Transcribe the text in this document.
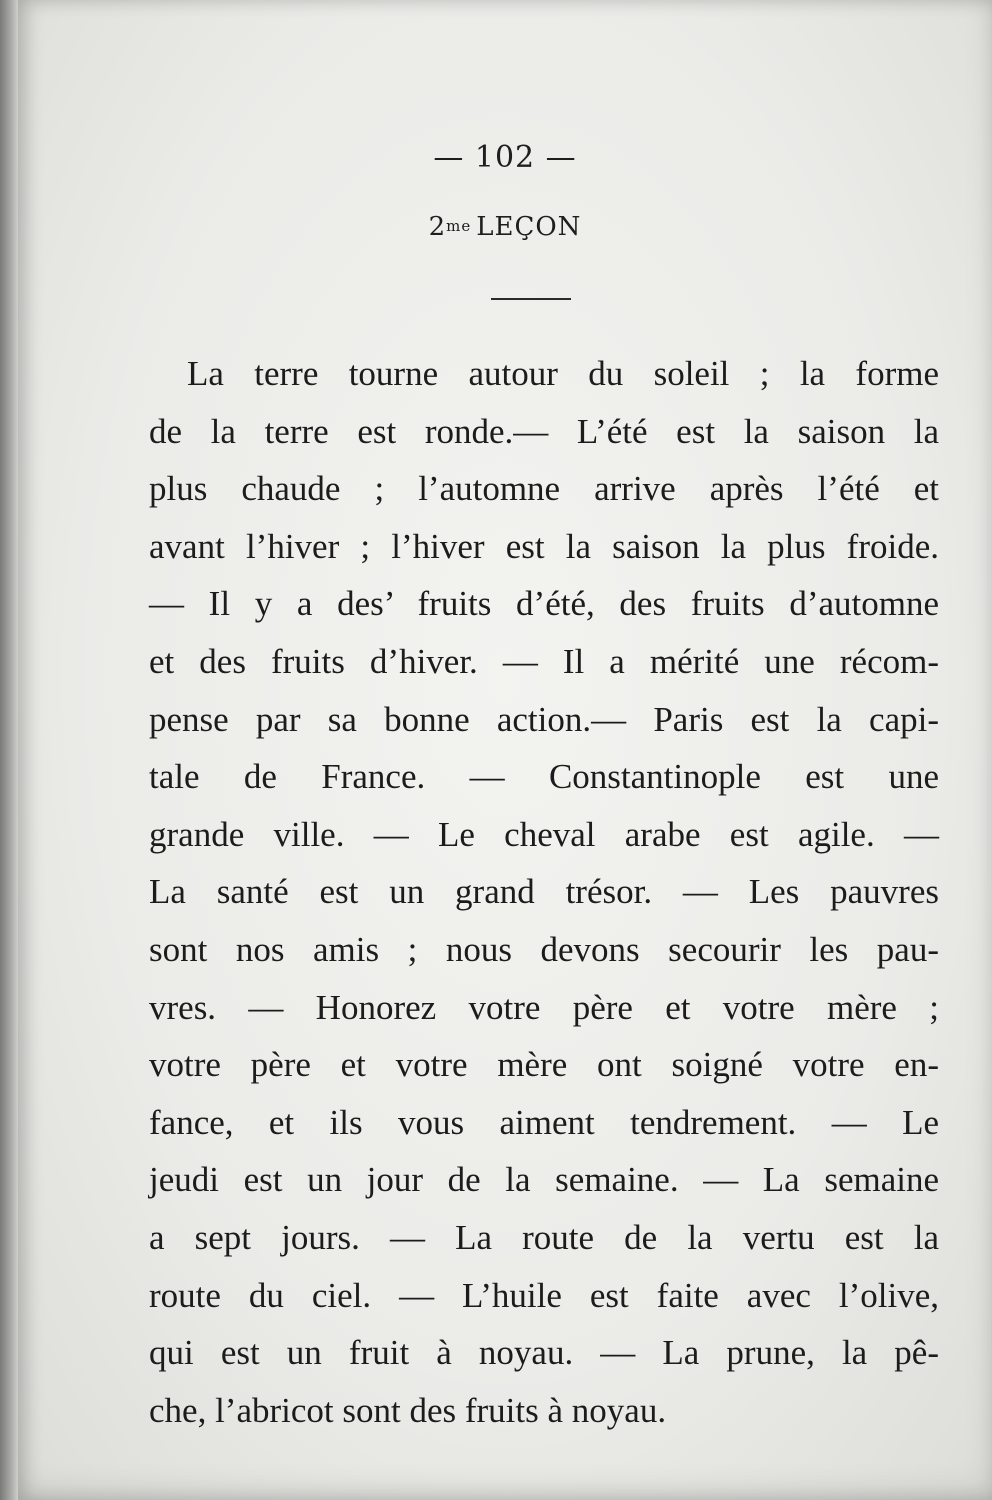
— 102 —
$2^{me}$ LEÇON
La terre tourne autour du soleil ; la forme
de la terre est ronde.— L’été est la saison la
plus chaude ; l’automne arrive après l’été et
avant l’hiver ; l’hiver est la saison la plus froide.
— Il y a des’ fruits d’été, des fruits d’automne
et des fruits d’hiver. — Il a mérité une récom-
pense par sa bonne action.— Paris est la capi-
tale de France. — Constantinople est une
grande ville. — Le cheval arabe est agile. —
La santé est un grand trésor. — Les pauvres
sont nos amis ; nous devons secourir les pau-
vres. — Honorez votre père et votre mère ;
votre père et votre mère ont soigné votre en-
fance, et ils vous aiment tendrement. — Le
jeudi est un jour de la semaine. — La semaine
a sept jours. — La route de la vertu est la
route du ciel. — L’huile est faite avec l’olive,
qui est un fruit à noyau. — La prune, la pê-
che, l’abricot sont des fruits à noyau.
